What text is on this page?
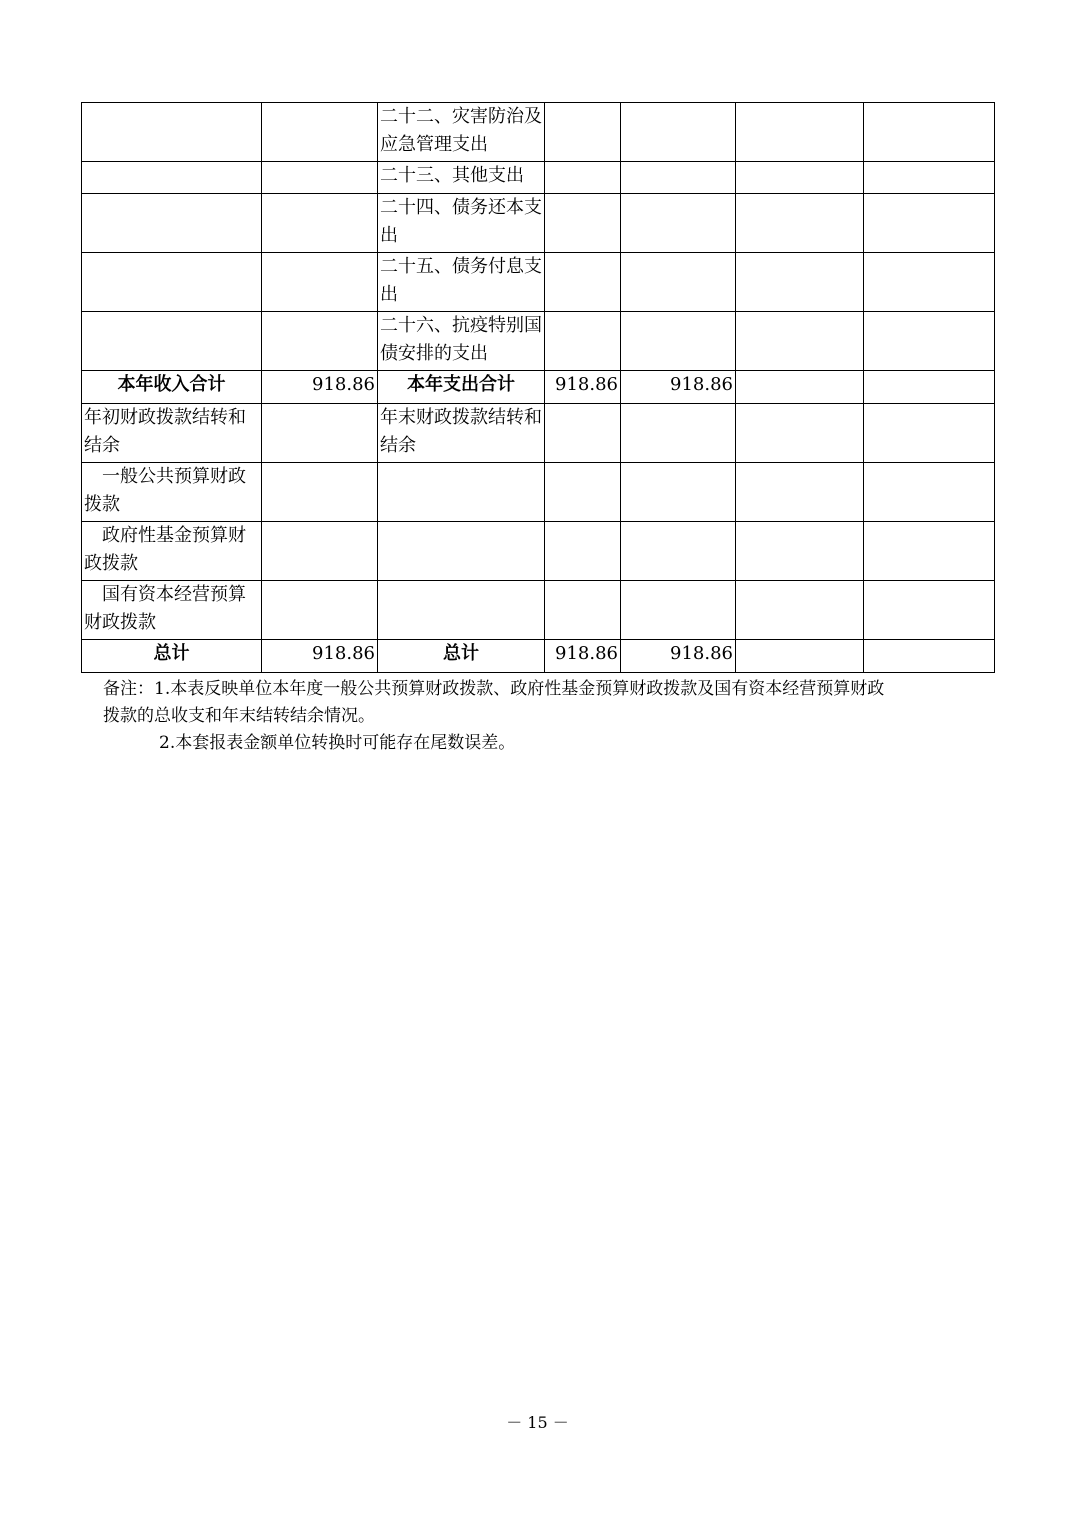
		二十二、灾害防治及应急管理支出				
		二十三、其他支出				
		二十四、债务还本支出				
		二十五、债务付息支出				
		二十六、抗疫特别国债安排的支出				
本年收入合计	918.86	本年支出合计	918.86	918.86		
年初财政拨款结转和结余		年末财政拨款结转和结余				
一般公共预算财政拨款						
政府性基金预算财政拨款						
国有资本经营预算财政拨款						
总计	918.86	总计	918.86	918.86		
备注：1.本表反映单位本年度一般公共预算财政拨款、政府性基金预算财政拨款及国有资本经营预算财政
拨款的总收支和年末结转结余情况。
2.本套报表金额单位转换时可能存在尾数误差。
－ 15 －
